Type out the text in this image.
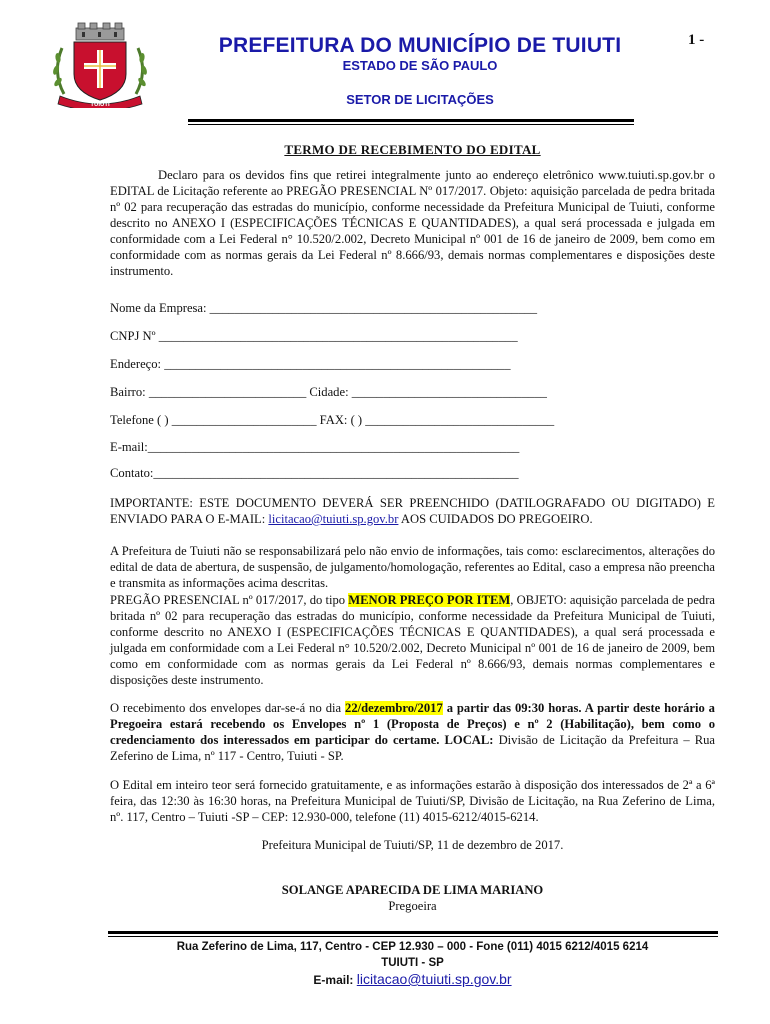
TUIUTI
1 -
PREFEITURA DO MUNICÍPIO DE TUIUTI
ESTADO DE SÃO PAULO
SETOR DE LICITAÇÕES
TERMO DE RECEBIMENTO DO EDITAL
Declaro para os devidos fins que retirei integralmente junto ao endereço eletrônico www.tuiuti.sp.gov.br o EDITAL de Licitação referente ao PREGÃO PRESENCIAL Nº 017/2017. Objeto: aquisição parcelada de pedra britada nº 02 para recuperação das estradas do município, conforme necessidade da Prefeitura Municipal de Tuiuti, conforme descrito no ANEXO I (ESPECIFICAÇÕES TÉCNICAS E QUANTIDADES), a qual será processada e julgada em conformidade com a Lei Federal n° 10.520/2.002, Decreto Municipal nº 001 de 16 de janeiro de 2009, bem como em conformidade com as normas gerais da Lei Federal nº 8.666/93, demais normas complementares e disposições deste instrumento.
Nome da Empresa: ____________________________________________________
CNPJ Nº _________________________________________________________
Endereço: _______________________________________________________
Bairro: _________________________ Cidade: _______________________________
Telefone ( ) _______________________ FAX: ( ) ______________________________
E-mail:___________________________________________________________
Contato:__________________________________________________________
IMPORTANTE: ESTE DOCUMENTO DEVERÁ SER PREENCHIDO (DATILOGRAFADO OU DIGITADO) E ENVIADO PARA O E-MAIL: licitacao@tuiuti.sp.gov.br AOS CUIDADOS DO PREGOEIRO.
A Prefeitura de Tuiuti não se responsabilizará pelo não envio de informações, tais como: esclarecimentos, alterações do edital de data de abertura, de suspensão, de julgamento/homologação, referentes ao Edital, caso a empresa não preencha e transmita as informações acima descritas.
PREGÃO PRESENCIAL nº 017/2017, do tipo MENOR PREÇO POR ITEM, OBJETO: aquisição parcelada de pedra britada nº 02 para recuperação das estradas do município, conforme necessidade da Prefeitura Municipal de Tuiuti, conforme descrito no ANEXO I (ESPECIFICAÇÕES TÉCNICAS E QUANTIDADES), a qual será processada e julgada em conformidade com a Lei Federal n° 10.520/2.002, Decreto Municipal nº 001 de 16 de janeiro de 2009, bem como em conformidade com as normas gerais da Lei Federal nº 8.666/93, demais normas complementares e disposições deste instrumento.
O recebimento dos envelopes dar-se-á no dia 22/dezembro/2017 a partir das 09:30 horas. A partir deste horário a Pregoeira estará recebendo os Envelopes nº 1 (Proposta de Preços) e nº 2 (Habilitação), bem como o credenciamento dos interessados em participar do certame. LOCAL: Divisão de Licitação da Prefeitura – Rua Zeferino de Lima, nº 117 - Centro, Tuiuti - SP.
O Edital em inteiro teor será fornecido gratuitamente, e as informações estarão à disposição dos interessados de 2ª a 6ª feira, das 12:30 às 16:30 horas, na Prefeitura Municipal de Tuiuti/SP, Divisão de Licitação, na Rua Zeferino de Lima, nº. 117, Centro – Tuiuti -SP – CEP: 12.930-000, telefone (11) 4015-6212/4015-6214.
Prefeitura Municipal de Tuiuti/SP, 11 de dezembro de 2017.
SOLANGE APARECIDA DE LIMA MARIANO
Pregoeira
Rua Zeferino de Lima, 117, Centro - CEP 12.930 – 000 - Fone (011) 4015 6212/4015 6214
TUIUTI - SP
E-mail: licitacao@tuiuti.sp.gov.br
